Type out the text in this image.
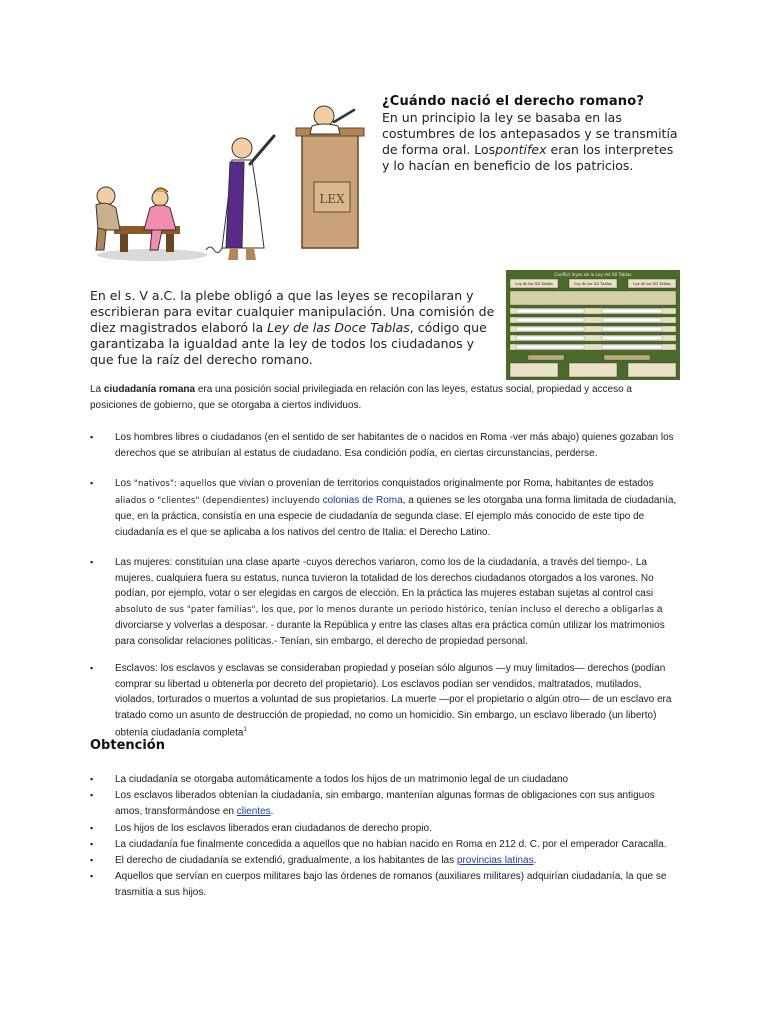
LEX
¿Cuándo nació el derecho romano?
En un principio la ley se basaba en las costumbres de los antepasados y se transmitía de forma oral. Lospontifex eran los interpretes y lo hacían en beneficio de los patricios.
En el s. V a.C. la plebe obligó a que las leyes se recopilaran y escribieran para evitar cualquier manipulación. Una comisión de diez magistrados elaboró la Ley de las Doce Tablas, código que garantizaba la igualdad ante la ley de todos los ciudadanos y que fue la raíz del derecho romano.
Conflict leyes de la Ley del XII Tablas
Ley de las XII Tablas	Ley de las XII Tablas	Ley de las XII Tablas
La ciudadanía romana era una posición social privilegiada en relación con las leyes, estatus social, propiedad y acceso a posiciones de gobierno, que se otorgaba a ciertos individuos.
▪ Los hombres libres o ciudadanos (en el sentido de ser habitantes de o nacidos en Roma -ver más abajo) quienes gozaban los derechos que se atribuían al estatus de ciudadano. Esa condición podía, en ciertas circunstancias, perderse.
▪ Los "nativos": aquellos que vivían o provenían de territorios conquistados originalmente por Roma, habitantes de estados aliados o "clientes" (dependientes) incluyendo colonias de Roma, a quienes se les otorgaba una forma limitada de ciudadanía, que, en la práctica, consistía en una especie de ciudadanía de segunda clase. El ejemplo más conocido de este tipo de ciudadanía es el que se aplicaba a los nativos del centro de Italia: el Derecho Latino.
▪ Las mujeres: constituían una clase aparte -cuyos derechos variaron, como los de la ciudadanía, a través del tiempo-. La mujeres, cualquiera fuera su estatus, nunca tuvieron la totalidad de los derechos ciudadanos otorgados a los varones. No podían, por ejemplo, votar o ser elegidas en cargos de elección. En la práctica las mujeres estaban sujetas al control casi absoluto de sus "pater familias", los que, por lo menos durante un periodo histórico, tenían incluso el derecho a obligarlas a divorciarse y volverlas a desposar. - durante la República y entre las clases altas era práctica común utilizar los matrimonios para consolidar relaciones políticas.- Tenían, sin embargo, el derecho de propiedad personal.
▪ Esclavos: los esclavos y esclavas se consideraban propiedad y poseían sólo algunos —y muy limitados— derechos (podían comprar su libertad u obtenerla por decreto del propietario). Los esclavos podían ser vendidos, maltratados, mutilados, violados, torturados o muertos a voluntad de sus propietarios. La muerte —por el propietario o algún otro— de un esclavo era tratado como un asunto de destrucción de propiedad, no como un homicidio. Sin embargo, un esclavo liberado (un liberto) obtenía ciudadanía completa$^1$
Obtención
▪ La ciudadanía se otorgaba automáticamente a todos los hijos de un matrimonio legal de un ciudadano
▪ Los esclavos liberados obtenían la ciudadanía, sin embargo, mantenían algunas formas de obligaciones con sus antiguos amos, transformándose en clientes.
▪ Los hijos de los esclavos liberados eran ciudadanos de derecho propio.
▪ La ciudadanía fue finalmente concedida a aquellos que no habían nacido en Roma en 212 d. C. por el emperador Caracalla.
▪ El derecho de ciudadanía se extendió, gradualmente, a los habitantes de las provincias latinas.
▪ Aquellos que servían en cuerpos militares bajo las órdenes de romanos (auxiliares militares) adquirían ciudadanía, la que se trasmitía a sus hijos.
